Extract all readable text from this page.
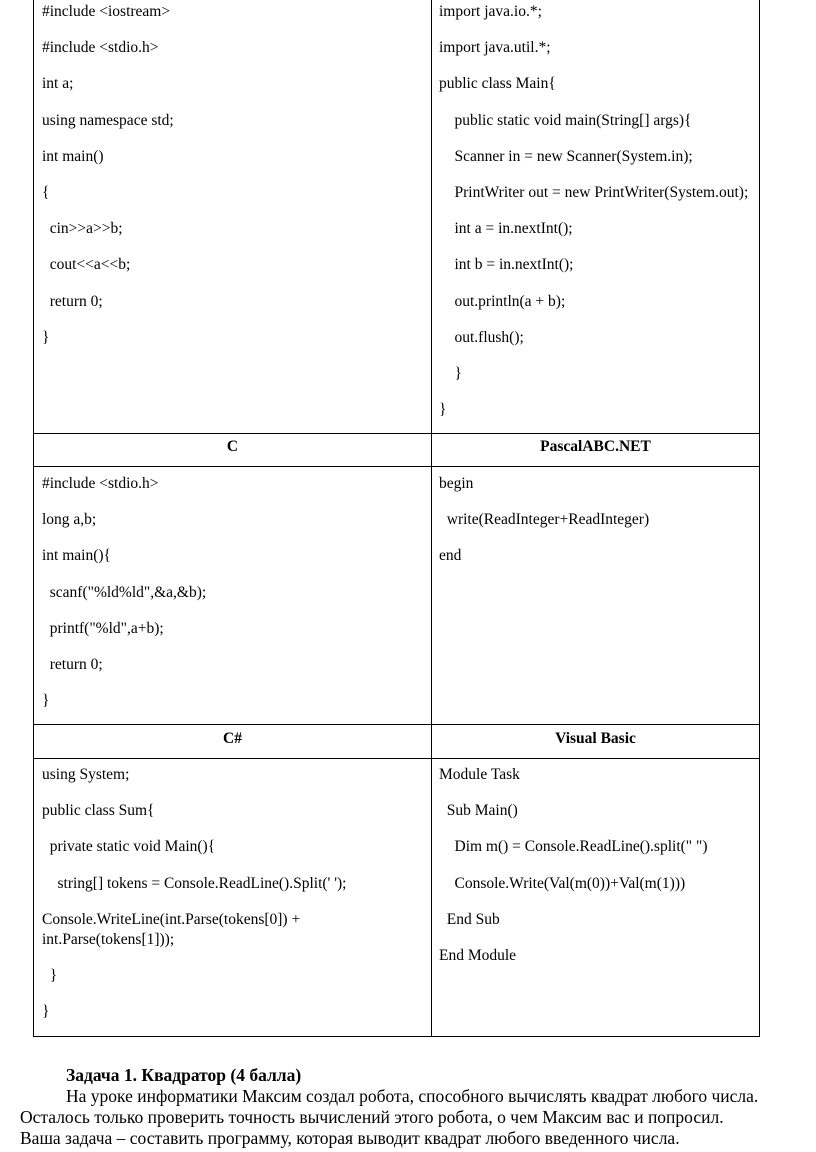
#include <iostream>
#include <stdio.h>
int a;
using namespace std;
int main()
{
cin>>a>>b;
cout<<a<<b;
return 0;
}
import java.io.*;
import java.util.*;
public class Main{
public static void main(String[] args){
Scanner in = new Scanner(System.in);
PrintWriter out = new PrintWriter(System.out);
int a = in.nextInt();
int b = in.nextInt();
out.println(a + b);
out.flush();
}
}
C	PascalABC.NET
#include <stdio.h>
long a,b;
int main(){
scanf("%ld%ld",&a,&b);
printf("%ld",a+b);
return 0;
}
begin
write(ReadInteger+ReadInteger)
end
C#	Visual Basic
using System;
public class Sum{
private static void Main(){
string[] tokens = Console.ReadLine().Split(' ');
Console.WriteLine(int.Parse(tokens[0]) + int.Parse(tokens[1]));
}
}
Module Task
Sub Main()
Dim m() = Console.ReadLine().split(" ")
Console.Write(Val(m(0))+Val(m(1)))
End Sub
End Module
Задача 1. Квадратор (4 балла)
На уроке информатики Максим создал робота, способного вычислять квадрат любого числа.
Осталось только проверить точность вычислений этого робота, о чем Максим вас и попросил.
Ваша задача – составить программу, которая выводит квадрат любого введенного числа.
